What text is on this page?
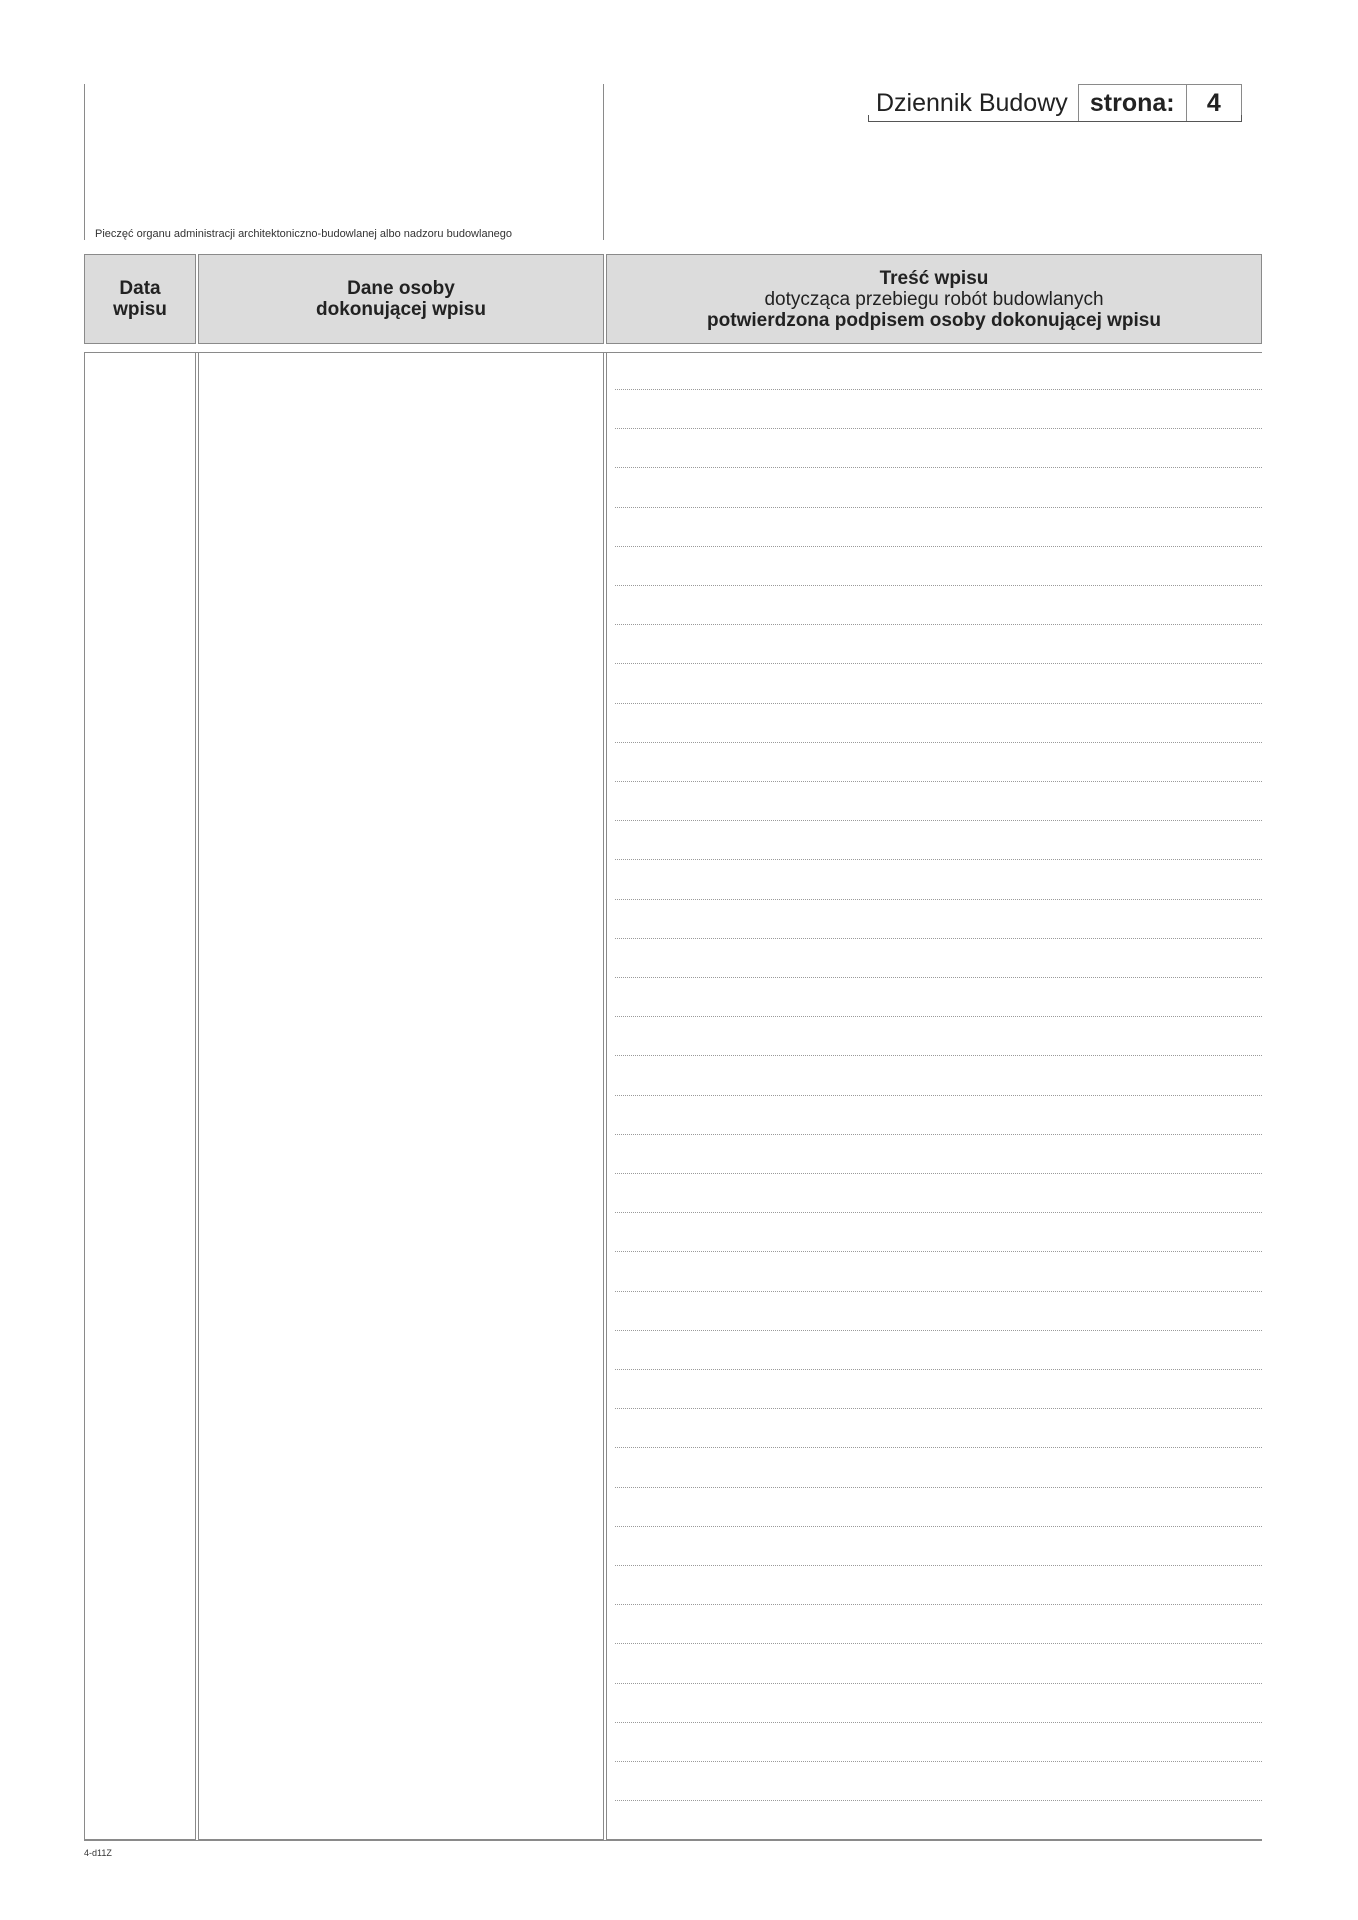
Pieczęć organu administracji architektoniczno-budowlanej albo nadzoru budowlanego
Dziennik Budowy strona:	4
Data
wpisu
Dane osoby
dokonującej wpisu
Treść wpisu
dotycząca przebiegu robót budowlanych
potwierdzona podpisem osoby dokonującej wpisu
4-d11Z
